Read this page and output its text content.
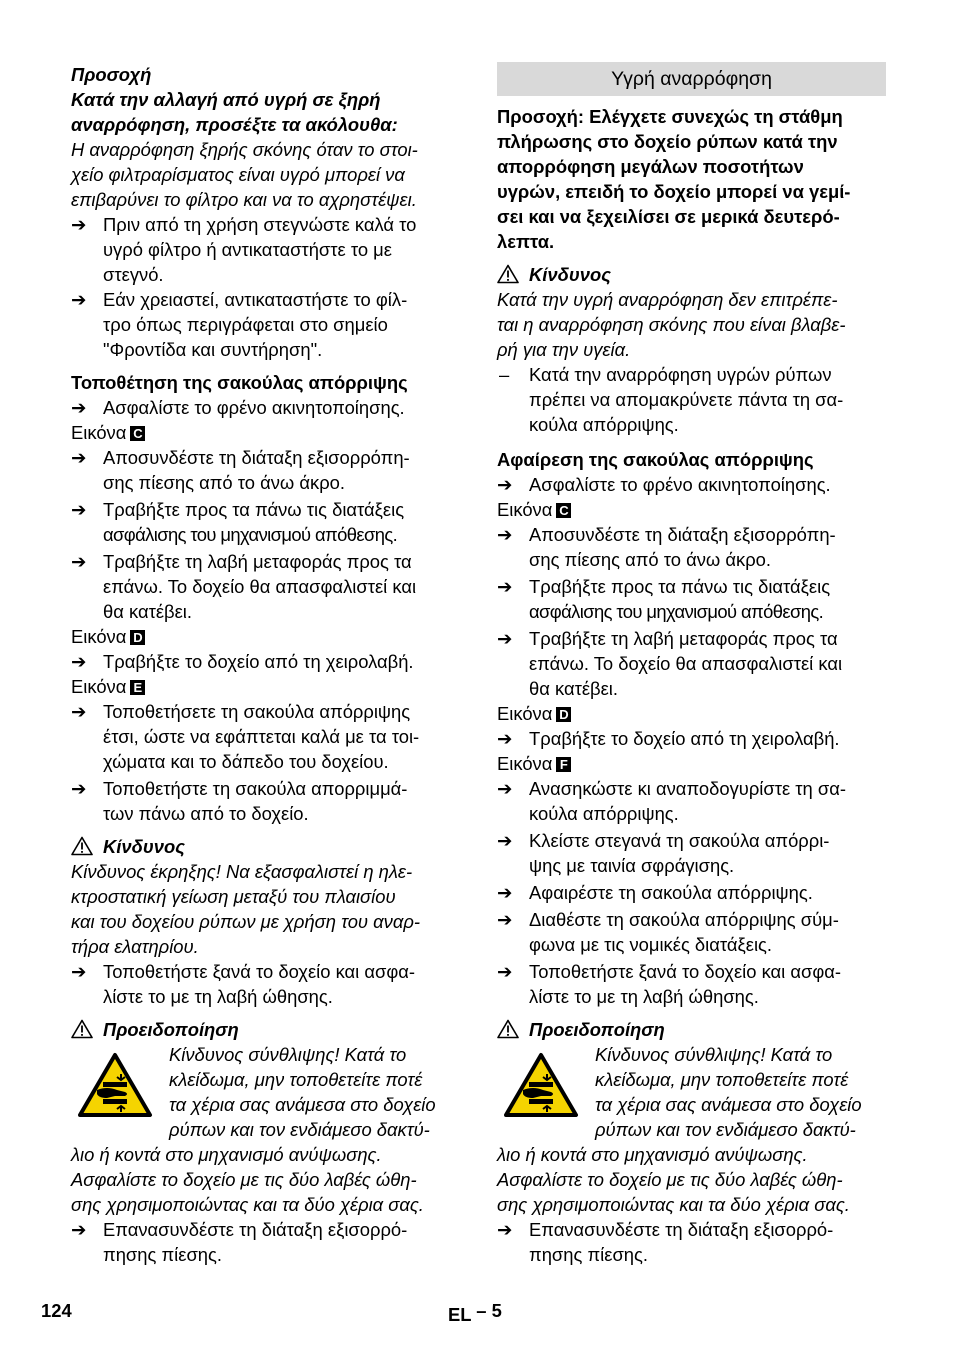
Προσοχή

Κατά την αλλαγή από υγρή σε ξηρή

αναρρόφηση, προσέξτε τα ακόλουθα:

Η αναρρόφηση ξηρής σκόνης όταν το στοι-

χείο φιλτραρίσματος είναι υγρό μπορεί να

επιβαρύνει το φίλτρο και να το αχρηστέψει.

➔ Πριν από τη χρήση στεγνώστε καλά το
υγρό φίλτρο ή αντικαταστήστε το με
στεγνό.
➔ Εάν χρειαστεί, αντικαταστήστε το φίλ-
τρο όπως περιγράφεται στο σημείο
"Φροντίδα και συντήρηση".

Τοποθέτηση της σακούλας απόρριψης

➔ Ασφαλίστε το φρένο ακινητοποίησης.

Εικόνα C

➔ Αποσυνδέστε τη διάταξη εξισορρόπη-
σης πίεσης από το άνω άκρο.
➔ Τραβήξτε προς τα πάνω τις διατάξεις
ασφάλισης του μηχανισμού απόθεσης.
➔ Τραβήξτε τη λαβή μεταφοράς προς τα
επάνω. Το δοχείο θα απασφαλιστεί και
θα κατέβει.

Εικόνα D

➔ Τραβήξτε το δοχείο από τη χειρολαβή.

Εικόνα E

➔ Τοποθετήσετε τη σακούλα απόρριψης
έτσι, ώστε να εφάπτεται καλά με τα τοι-
χώματα και το δάπεδο του δοχείου.
➔ Τοποθετήστε τη σακούλα απορριμμά-
των πάνω από το δοχείο.
Κίνδυνος

Κίνδυνος έκρηξης! Να εξασφαλιστεί η ηλε-

κτροστατική γείωση μεταξύ του πλαισίου

και του δοχείου ρύπων με χρήση του αναρ-

τήρα ελατηρίου.

➔ Τοποθετήστε ξανά το δοχείο και ασφα-
λίστε το με τη λαβή ώθησης.
Προειδοποίηση
Κίνδυνος σύνθλιψης! Κατά το
κλείδωμα, μην τοποθετείτε ποτέ
τα χέρια σας ανάμεσα στο δοχείο
ρύπων και τον ενδιάμεσο δακτύ-

λιο ή κοντά στο μηχανισμό ανύψωσης.

Ασφαλίστε το δοχείο με τις δύο λαβές ώθη-

σης χρησιμοποιώντας και τα δύο χέρια σας.

➔ Επανασυνδέστε τη διάταξη εξισορρό-
πησης πίεσης.
Υγρή αναρρόφηση

Προσοχή: Ελέγχετε συνεχώς τη στάθμη

πλήρωσης στο δοχείο ρύπων κατά την

απορρόφηση μεγάλων ποσοτήτων

υγρών, επειδή το δοχείο μπορεί να γεμί-

σει και να ξεχειλίσει σε μερικά δευτερό-

λεπτα.

Κίνδυνος

Κατά την υγρή αναρρόφηση δεν επιτρέπε-

ται η αναρρόφηση σκόνης που είναι βλαβε-

ρή για την υγεία.

– Κατά την αναρρόφηση υγρών ρύπων
πρέπει να απομακρύνετε πάντα τη σα-
κούλα απόρριψης.

Αφαίρεση της σακούλας απόρριψης

➔ Ασφαλίστε το φρένο ακινητοποίησης.

Εικόνα C

➔ Αποσυνδέστε τη διάταξη εξισορρόπη-
σης πίεσης από το άνω άκρο.
➔ Τραβήξτε προς τα πάνω τις διατάξεις
ασφάλισης του μηχανισμού απόθεσης.
➔ Τραβήξτε τη λαβή μεταφοράς προς τα
επάνω. Το δοχείο θα απασφαλιστεί και
θα κατέβει.

Εικόνα D

➔ Τραβήξτε το δοχείο από τη χειρολαβή.

Εικόνα F

➔ Ανασηκώστε κι αναποδογυρίστε τη σα-
κούλα απόρριψης.
➔ Κλείστε στεγανά τη σακούλα απόρρι-
ψης με ταινία σφράγισης.
➔ Αφαιρέστε τη σακούλα απόρριψης.
➔ Διαθέστε τη σακούλα απόρριψης σύμ-
φωνα με τις νομικές διατάξεις.
➔ Τοποθετήστε ξανά το δοχείο και ασφα-
λίστε το με τη λαβή ώθησης.
Προειδοποίηση
Κίνδυνος σύνθλιψης! Κατά το
κλείδωμα, μην τοποθετείτε ποτέ
τα χέρια σας ανάμεσα στο δοχείο
ρύπων και τον ενδιάμεσο δακτύ-

λιο ή κοντά στο μηχανισμό ανύψωσης.

Ασφαλίστε το δοχείο με τις δύο λαβές ώθη-

σης χρησιμοποιώντας και τα δύο χέρια σας.

➔ Επανασυνδέστε τη διάταξη εξισορρό-
πησης πίεσης.
124	EL – 5
